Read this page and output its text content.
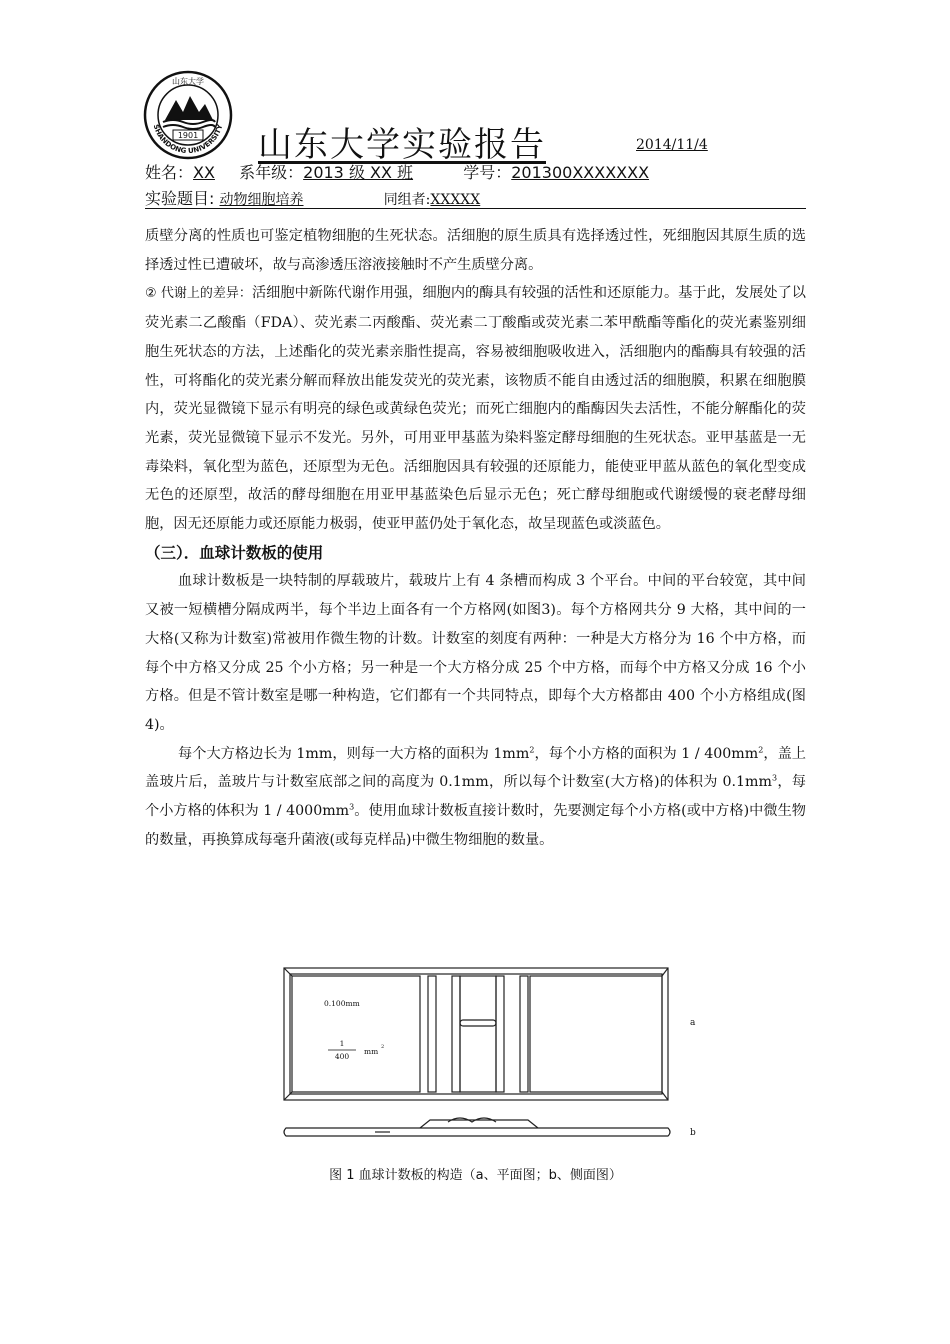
SHANDONG UNIVERSITY
山东大学
1901 山东大学实验报告	2014/11/4
姓名：XX 系年级：2013 级 XX 班	学号：201300XXXXXXX
实验题目: 动物细胞培养	同组者:XXXXX

质壁分离的性质也可鉴定植物细胞的生死状态。活细胞的原生质具有选择透过性，死细胞因其原生质的选择透过性已遭破坏，故与高渗透压溶液接触时不产生质壁分离。

② 代谢上的差异：活细胞中新陈代谢作用强，细胞内的酶具有较强的活性和还原能力。基于此，发展处了以荧光素二乙酸酯（FDA）、荧光素二丙酸酯、荧光素二丁酸酯或荧光素二苯甲酰酯等酯化的荧光素鉴别细胞生死状态的方法，上述酯化的荧光素亲脂性提高，容易被细胞吸收进入，活细胞内的酯酶具有较强的活性，可将酯化的荧光素分解而释放出能发荧光的荧光素，该物质不能自由透过活的细胞膜，积累在细胞膜内，荧光显微镜下显示有明亮的绿色或黄绿色荧光；而死亡细胞内的酯酶因失去活性，不能分解酯化的荧光素，荧光显微镜下显示不发光。另外，可用亚甲基蓝为染料鉴定酵母细胞的生死状态。亚甲基蓝是一无毒染料，氧化型为蓝色，还原型为无色。活细胞因具有较强的还原能力，能使亚甲蓝从蓝色的氧化型变成无色的还原型，故活的酵母细胞在用亚甲基蓝染色后显示无色；死亡酵母细胞或代谢缓慢的衰老酵母细胞，因无还原能力或还原能力极弱，使亚甲蓝仍处于氧化态，故呈现蓝色或淡蓝色。

（三）．血球计数板的使用

血球计数板是一块特制的厚载玻片，载玻片上有 4 条槽而构成 3 个平台。中间的平台较宽，其中间又被一短横槽分隔成两半，每个半边上面各有一个方格网(如图3)。每个方格网共分 9 大格，其中间的一大格(又称为计数室)常被用作微生物的计数。计数室的刻度有两种：一种是大方格分为 16 个中方格，而每个中方格又分成 25 个小方格；另一种是一个大方格分成 25 个中方格，而每个中方格又分成 16 个小方格。但是不管计数室是哪一种构造，它们都有一个共同特点，即每个大方格都由 400 个小方格组成(图4)。

每个大方格边长为 1mm，则每一大方格的面积为 $1mm^2$，每个小方格的面积为 $1 / 400mm^2$，盖上盖玻片后，盖玻片与计数室底部之间的高度为 0.1mm，所以每个计数室(大方格)的体积为 $0.1mm^3$，每个小方格的体积为 $1 / 4000mm^3$。使用血球计数板直接计数时，先要测定每个小方格(或中方格)中微生物的数量，再换算成每毫升菌液(或每克样品)中微生物细胞的数量。

0.100mm
1
400
mm 2
a
b
图 1 血球计数板的构造（a、平面图；b、侧面图）
